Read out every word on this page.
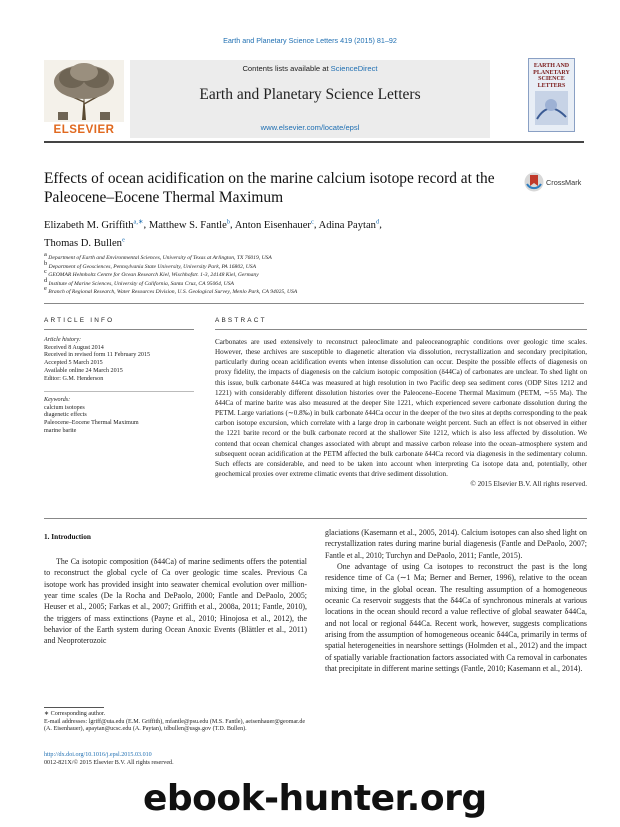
Earth and Planetary Science Letters 419 (2015) 81–92
ELSEVIER
Contents lists available at ScienceDirect
Earth and Planetary Science Letters
www.elsevier.com/locate/epsl
EARTH AND PLANETARY SCIENCE LETTERS
Effects of ocean acidification on the marine calcium isotope record at the Paleocene–Eocene Thermal Maximum
CrossMark
Elizabeth M. Griffith$^{a,∗}$, Matthew S. Fantle$^b$, Anton Eisenhauer$^c$, Adina Paytan$^d$,
Thomas D. Bullen$^e$
$^a$ Department of Earth and Environmental Sciences, University of Texas at Arlington, TX 76019, USA
$^b$ Department of Geosciences, Pennsylvania State University, University Park, PA 16802, USA
$^c$ GEOMAR Helmholtz Centre for Ocean Research Kiel, Wischhofstr. 1-3, 24148 Kiel, Germany
$^d$ Institute of Marine Sciences, University of California, Santa Cruz, CA 95064, USA
$^e$ Branch of Regional Research, Water Resources Division, U.S. Geological Survey, Menlo Park, CA 94025, USA
ARTICLE INFO	ABSTRACT
Article history:
Received 8 August 2014
Received in revised form 11 February 2015
Accepted 5 March 2015
Available online 24 March 2015
Editor: G.M. Henderson
Keywords:
calcium isotopes
diagenetic effects
Paleocene–Eocene Thermal Maximum
marine barite
Carbonates are used extensively to reconstruct paleoclimate and paleoceanographic conditions over geologic time scales. However, these archives are susceptible to diagenetic alteration via dissolution, recrystallization and secondary precipitation, particularly during ocean acidification events when intense dissolution can occur. Despite the possible effects of diagenesis on proxy fidelity, the impacts of diagenesis on the calcium isotopic composition (δ44Ca) of carbonates are unclear. To shed light on this issue, bulk carbonate δ44Ca was measured at high resolution in two Pacific deep sea sediment cores (ODP Sites 1212 and 1221) with considerably different dissolution histories over the Paleocene–Eocene Thermal Maximum (PETM, ∼55 Ma). The δ44Ca of marine barite was also measured at the deeper Site 1221, which experienced severe carbonate dissolution during the PETM. Large variations (∼0.8‰) in bulk carbonate δ44Ca occur in the deeper of the two sites at depths corresponding to the peak carbon isotope excursion, which correlate with a large drop in carbonate weight percent. Such an effect is not observed in either the 1221 barite record or the bulk carbonate record at the shallower Site 1212, which is also less affected by dissolution. We contend that ocean chemical changes associated with abrupt and massive carbon release into the ocean–atmosphere system and subsequent ocean acidification at the PETM affected the bulk carbonate δ44Ca record via diagenesis in the sedimentary column. Such effects are considerable, and need to be taken into account when interpreting Ca isotope data and, potentially, other geochemical proxies over extreme climatic events that drive sediment dissolution.
© 2015 Elsevier B.V. All rights reserved.
1. Introduction
The Ca isotopic composition (δ44Ca) of marine sediments offers the potential to reconstruct the global cycle of Ca over geologic time scales. Previous Ca isotope work has provided insight into seawater chemical evolution over million-year time scales (De la Rocha and DePaolo, 2000; Fantle and DePaolo, 2005; Heuser et al., 2005; Farkas et al., 2007; Griffith et al., 2008a, 2011; Fantle, 2010), the triggers of mass extinctions (Payne et al., 2010; Hinojosa et al., 2012), the behavior of the Earth system during Ocean Anoxic Events (Blättler et al., 2011) and Neoproterozoic

glaciations (Kasemann et al., 2005, 2014). Calcium isotopes can also shed light on recrystallization rates during marine burial diagenesis (Fantle and DePaolo, 2007; Fantle et al., 2010; Turchyn and DePaolo, 2011; Fantle, 2015).

One advantage of using Ca isotopes to reconstruct the past is the long residence time of Ca (∼1 Ma; Berner and Berner, 1996), relative to the ocean mixing time, in the global ocean. The resulting assumption of a homogeneous oceanic Ca reservoir suggests that the δ44Ca of synchronous minerals at various locations in the ocean should record a value reflective of global seawater δ44Ca, and not local or regional δ44Ca. Recent work, however, suggests complications arising from the assumption of homogeneous oceanic δ44Ca, primarily in terms of spatial heterogeneities in nearshore settings (Holmden et al., 2012) and the impact of spatially variable fractionation factors associated with Ca removal in carbonates that precipitate in different marine settings (Fantle, 2010; Kasemann et al., 2014).

∗ Corresponding author.
E-mail addresses: lgriff@uta.edu (E.M. Griffith), mfantle@psu.edu (M.S. Fantle), aeisenhauer@geomar.de (A. Eisenhauer), apaytan@ucsc.edu (A. Paytan), tdbullen@usgs.gov (T.D. Bullen).
http://dx.doi.org/10.1016/j.epsl.2015.03.010
0012-821X/© 2015 Elsevier B.V. All rights reserved.
ebook-hunter.org
